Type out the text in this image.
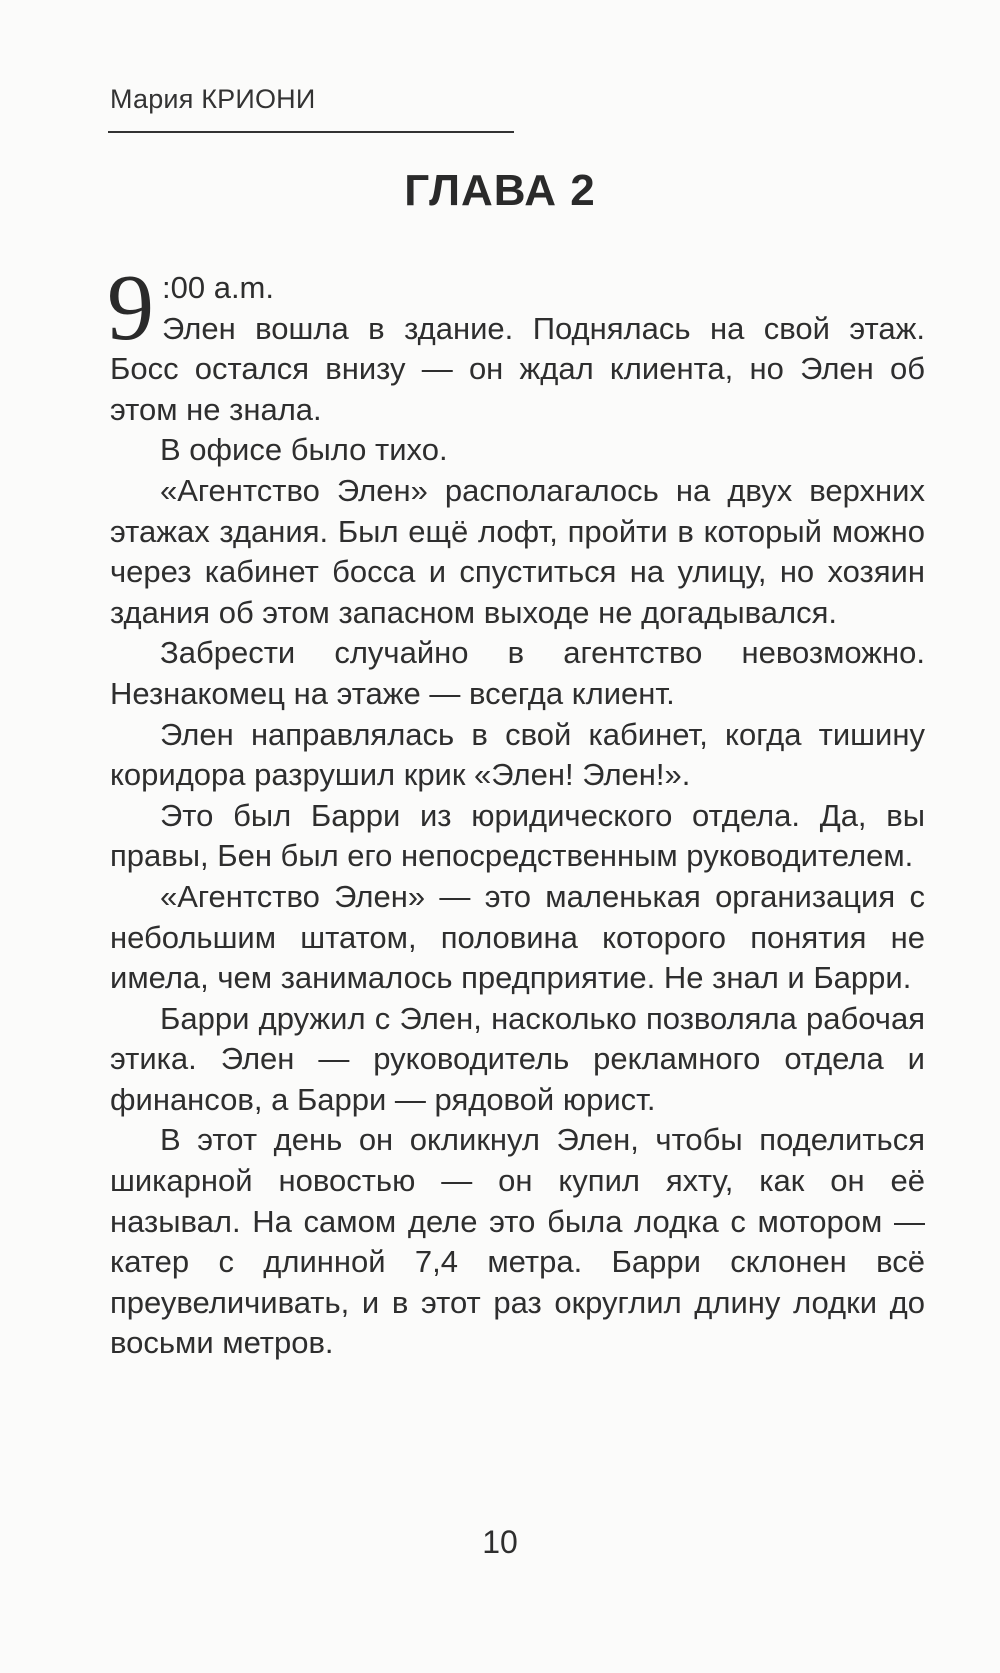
Мария КРИОНИ
ГЛАВА 2

9 :00 a.m.
Элен вошла в здание. Поднялась на свой этаж. Босс остался внизу — он ждал клиента, но Элен об этом не знала.

В офисе было тихо.

«Агентство Элен» располагалось на двух верхних этажах здания. Был ещё лофт, пройти в который можно через кабинет босса и спуститься на улицу, но хозяин здания об этом запасном выходе не догадывался.

Забрести случайно в агентство невозможно. Незнакомец на этаже — всегда клиент.

Элен направлялась в свой кабинет, когда тишину коридора разрушил крик «Элен! Элен!».

Это был Барри из юридического отдела. Да, вы правы, Бен был его непосредственным руководителем.

«Агентство Элен» — это маленькая организация с небольшим штатом, половина которого понятия не имела, чем занималось предприятие. Не знал и Барри.

Барри дружил с Элен, насколько позволяла рабочая этика. Элен — руководитель рекламного отдела и финансов, а Барри — рядовой юрист.

В этот день он окликнул Элен, чтобы поделиться шикарной новостью — он купил яхту, как он её называл. На самом деле это была лодка с мотором — катер с длинной 7,4 метра. Барри склонен всё преувеличивать, и в этот раз округлил длину лодки до восьми метров.

10
